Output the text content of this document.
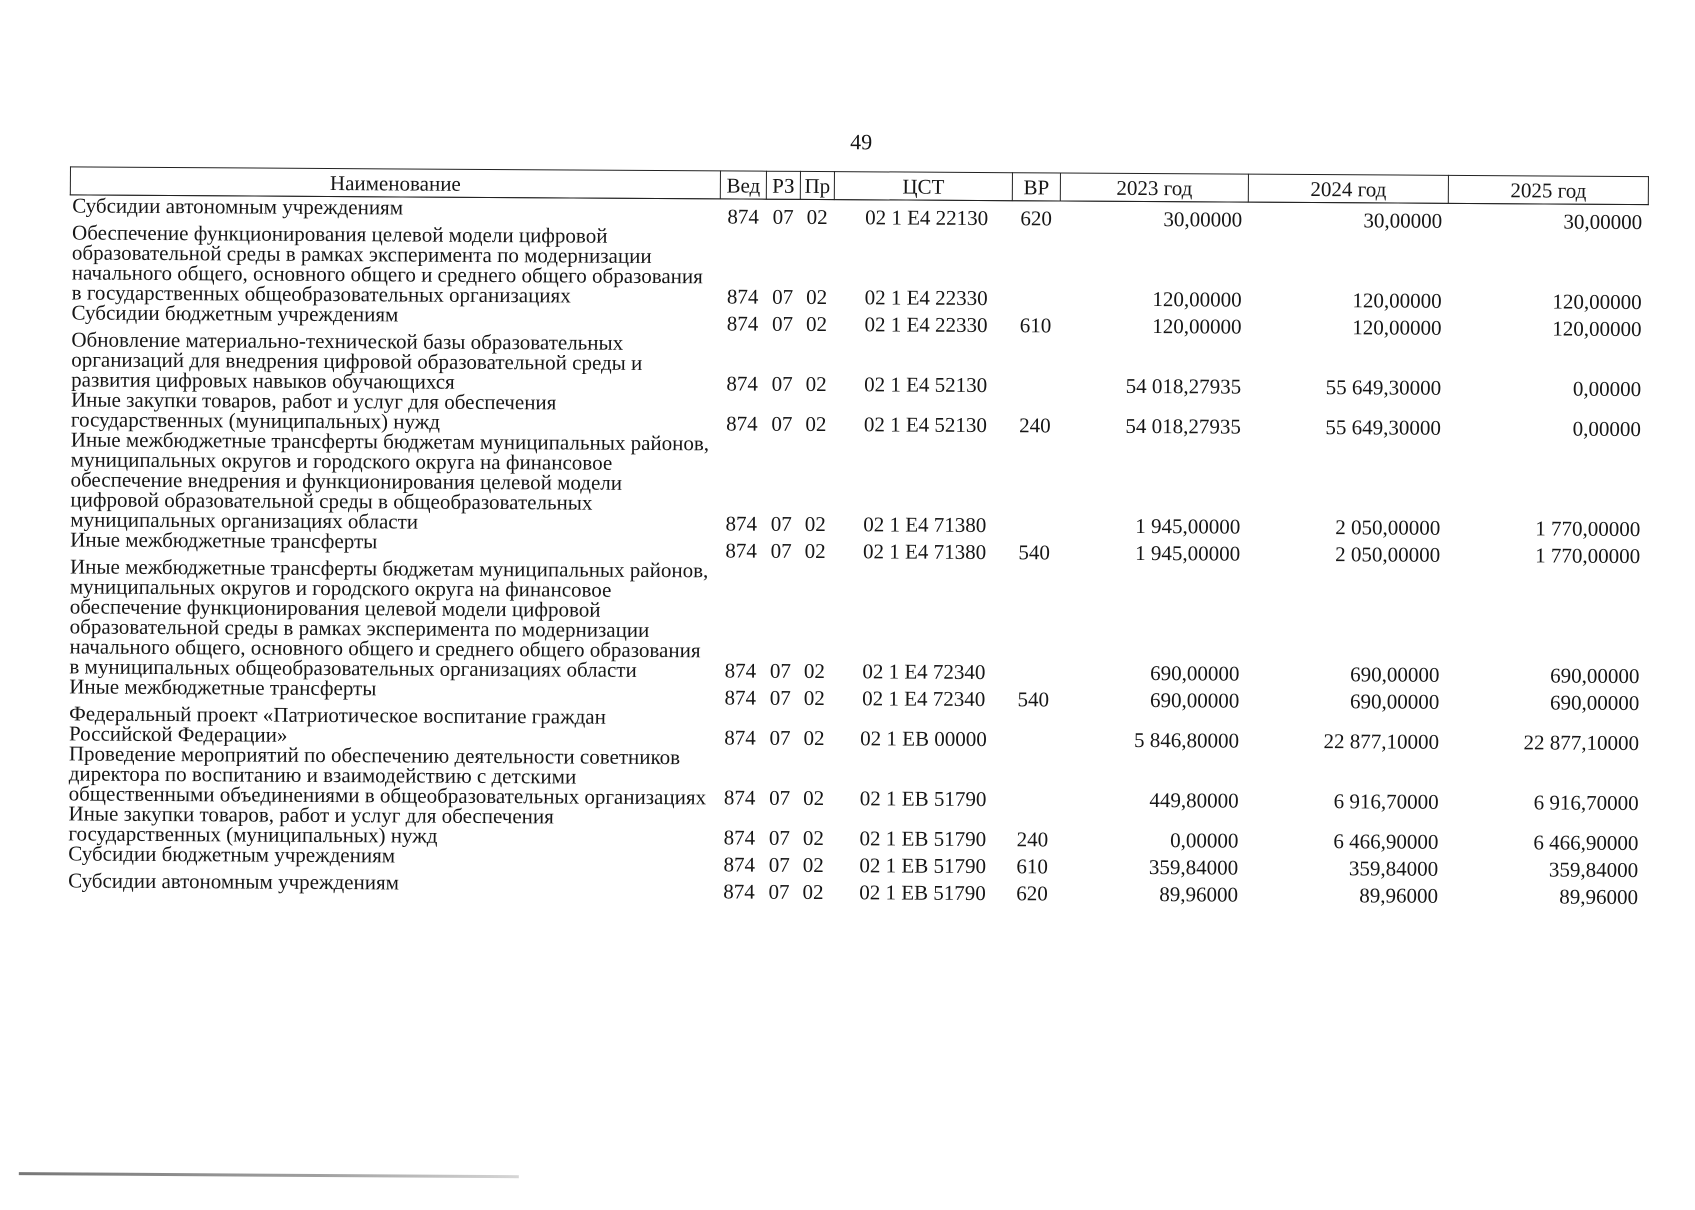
49
Наименование	Вед	РЗ	Пр	ЦСТ	ВР	2023 год	2024 год	2025 год
Субсидии автономным учреждениям	874	07	02	02 1 E4 22130	620	30,00000	30,00000	30,00000
Обеспечение функционирования целевой модели цифровой образовательной среды в рамках эксперимента по модернизации начального общего, основного общего и среднего общего образования в государственных общеобразовательных организациях	874	07	02	02 1 E4 22330		120,00000	120,00000	120,00000
Субсидии бюджетным учреждениям	874	07	02	02 1 E4 22330	610	120,00000	120,00000	120,00000
Обновление материально-технической базы образовательных организаций для внедрения цифровой образовательной среды и развития цифровых навыков обучающихся	874	07	02	02 1 E4 52130		54 018,27935	55 649,30000	0,00000
Иные закупки товаров, работ и услуг для обеспечения государственных (муниципальных) нужд	874	07	02	02 1 E4 52130	240	54 018,27935	55 649,30000	0,00000
Иные межбюджетные трансферты бюджетам муниципальных районов, муниципальных округов и городского округа на финансовое обеспечение внедрения и функционирования целевой модели цифровой образовательной среды в общеобразовательных муниципальных организациях области	874	07	02	02 1 E4 71380		1 945,00000	2 050,00000	1 770,00000
Иные межбюджетные трансферты	874	07	02	02 1 E4 71380	540	1 945,00000	2 050,00000	1 770,00000
Иные межбюджетные трансферты бюджетам муниципальных районов, муниципальных округов и городского округа на финансовое обеспечение функционирования целевой модели цифровой образовательной среды в рамках эксперимента по модернизации начального общего, основного общего и среднего общего образования в муниципальных общеобразовательных организациях области	874	07	02	02 1 E4 72340		690,00000	690,00000	690,00000
Иные межбюджетные трансферты	874	07	02	02 1 E4 72340	540	690,00000	690,00000	690,00000
Федеральный проект «Патриотическое воспитание граждан Российской Федерации»	874	07	02	02 1 EB 00000		5 846,80000	22 877,10000	22 877,10000
Проведение мероприятий по обеспечению деятельности советников директора по воспитанию и взаимодействию с детскими общественными объединениями в общеобразовательных организациях	874	07	02	02 1 EB 51790		449,80000	6 916,70000	6 916,70000
Иные закупки товаров, работ и услуг для обеспечения государственных (муниципальных) нужд	874	07	02	02 1 EB 51790	240	0,00000	6 466,90000	6 466,90000
Субсидии бюджетным учреждениям	874	07	02	02 1 EB 51790	610	359,84000	359,84000	359,84000
Субсидии автономным учреждениям	874	07	02	02 1 EB 51790	620	89,96000	89,96000	89,96000
